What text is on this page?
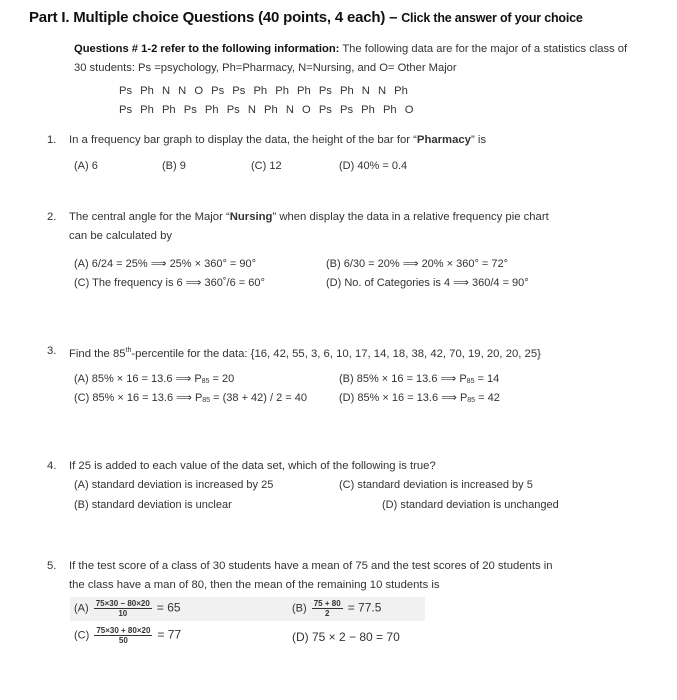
Part I. Multiple choice Questions (40 points, 4 each) – Click the answer of your choice
Questions # 1-2 refer to the following information: The following data are for the major of a statistics class of 30 students: Ps =psychology, Ph=Pharmacy, N=Nursing, and O= Other Major
Ps Ph N N O Ps Ps Ph Ph Ph Ps Ph N N Ph
Ps Ph Ph Ps Ph Ps N Ph N O Ps Ps Ph Ph O
1. In a frequency bar graph to display the data, the height of the bar for “Pharmacy” is
(A) 6	(B) 9	(C) 12	(D) 40% = 0.4
2. The central angle for the Major “Nursing” when display the data in a relative frequency pie chart
can be calculated by
(A) 6/24 = 25% ⟹ 25% × 360° = 90°	(B) 6/30 = 20% ⟹ 20% × 360° = 72°
(C) The frequency is 6 ⟹ 360˚/6 = 60°	(D) No. of Categories is 4 ⟹ 360/4 = 90°
3. Find the 85th-percentile for the data: {16, 42, 55, 3, 6, 10, 17, 14, 18, 38, 42, 70, 19, 20, 20, 25}
(A) 85% × 16 = 13.6 ⟹ $P_{85} = 20$	(B) 85% × 16 = 13.6 ⟹ $P_{85} = 14$
(C) 85% × 16 = 13.6 ⟹ $P_{85} = (38 + 42) / 2 = 40$	(D) 85% × 16 = 13.6 ⟹ $P_{85} = 42$
4. If 25 is added to each value of the data set, which of the following is true?
(A) standard deviation is increased by 25	(C) standard deviation is increased by 5
(B) standard deviation is unclear	(D) standard deviation is unchanged
5. If the test score of a class of 30 students have a mean of 75 and the test scores of 20 students in
the class have a man of 80, then the mean of the remaining 10 students is
$(A) \frac{75\times 30 - 80\times 20}{10} = 65$	$(B) \frac{75 + 80}{2} = 77.5$
$(C) \frac{75\times 30 + 80\times 20}{50} = 77$	(D) 75 × 2 − 80 = 70
